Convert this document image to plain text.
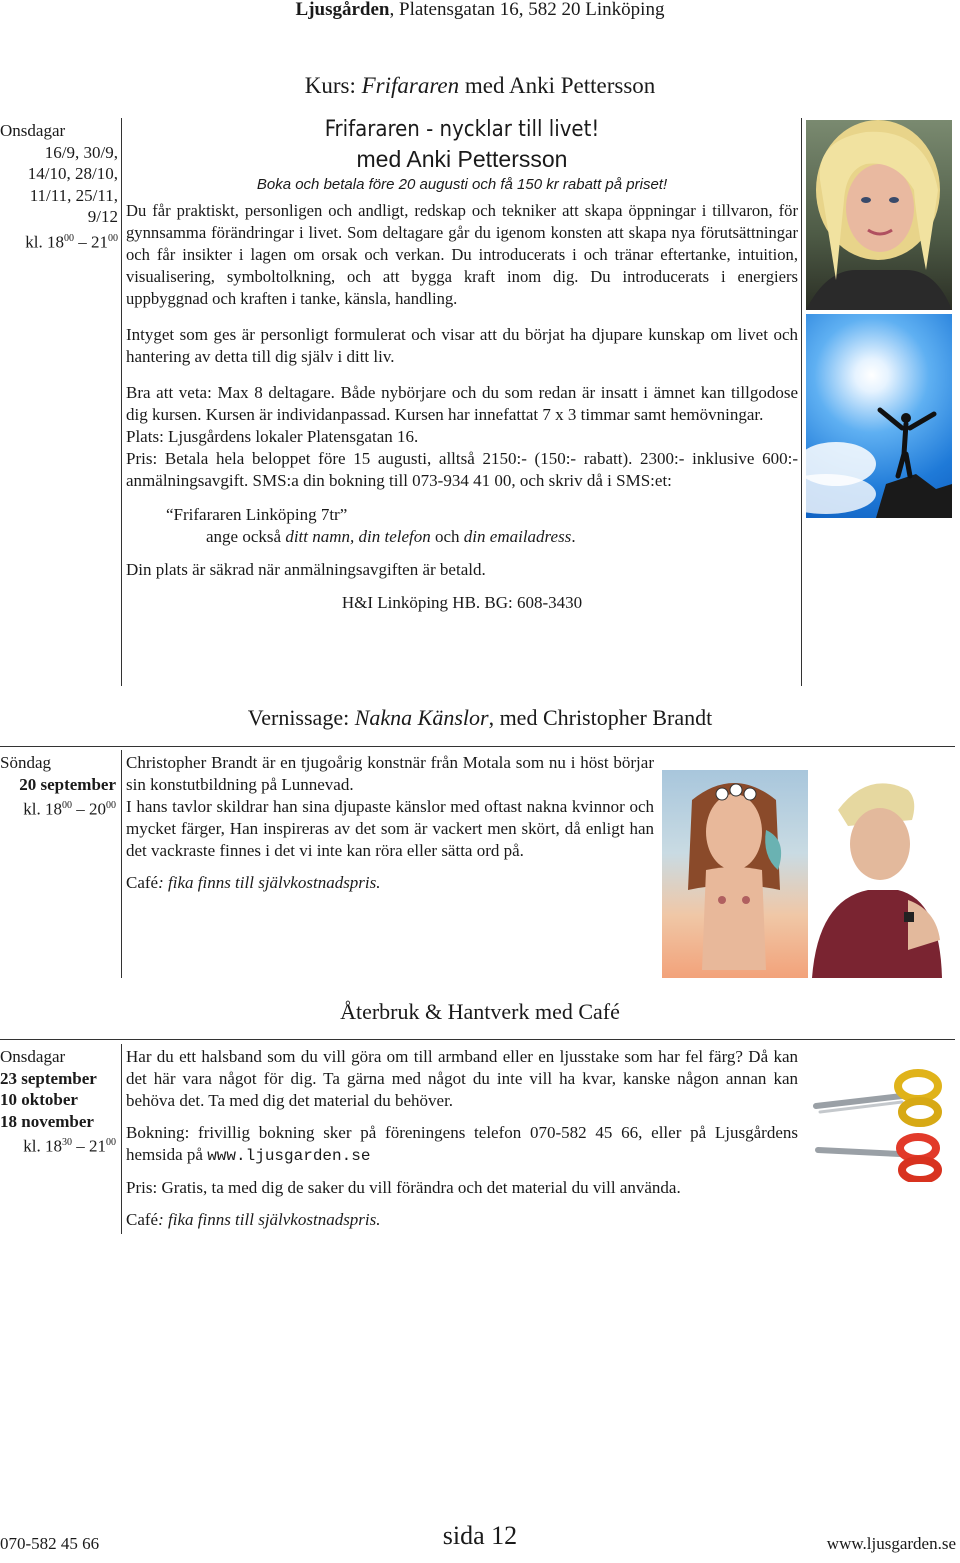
Ljusgården, Platensgatan 16, 582 20 Linköping
Kurs: Frifararen med Anki Pettersson
Onsdagar
16/9, 30/9,
14/10, 28/10,
11/11, 25/11,
9/12
kl. $18^{00} - 21^{00}$
Frifararen - nycklar till livet!
med Anki Pettersson
Boka och betala före 20 augusti och få 150 kr rabatt på priset!

Du får praktiskt, personligen och andligt, redskap och tekniker att skapa öppningar i tillvaron, för gynnsamma förändringar i livet. Som deltagare går du igenom konsten att skapa nya förutsättningar och får insikter i lagen om orsak och verkan. Du introducerats i och tränar eftertanke, intuition, visualisering, symboltolkning, och att bygga kraft inom dig. Du introducerats i energiers uppbyggnad och kraften i tanke, känsla, handling.

Intyget som ges är personligt formulerat och visar att du börjat ha djupare kunskap om livet och hantering av detta till dig själv i ditt liv.

Bra att veta: Max 8 deltagare. Både nybörjare och du som redan är insatt i ämnet kan tillgodose dig kursen. Kursen är individanpassad. Kursen har innefattat 7 x 3 timmar samt hemövningar.

Plats: Ljusgårdens lokaler Platensgatan 16.

Pris: Betala hela beloppet före 15 augusti, alltså 2150:- (150:- rabatt). 2300:- inklusive 600:- anmälningsavgift. SMS:a din bokning till 073-934 41 00, och skriv då i SMS:et:

“Frifararen Linköping 7tr”
ange också ditt namn, din telefon och din emailadress.
Din plats är säkrad när anmälningsavgiften är betald.
H&I Linköping HB. BG: 608-3430
Vernissage: Nakna Känslor, med Christopher Brandt
Söndag
20 september
kl. $18^{00} - 20^{00}$

Christopher Brandt är en tjugoårig konstnär från Motala som nu i höst börjar sin konstutbildning på Lunnevad.

I hans tavlor skildrar han sina djupaste känslor med oftast nakna kvinnor och mycket färger, Han inspireras av det som är vackert men skört, då enligt han det vackraste finnes i det vi inte kan röra eller sätta ord på.

Café: fika finns till självkostnadspris.

Återbruk & Hantverk med Café
Onsdagar
23 september
10 oktober
18 november
kl. $18^{30} - 21^{00}$

Har du ett halsband som du vill göra om till armband eller en ljusstake som har fel färg? Då kan det här vara något för dig. Ta gärna med något du inte vill ha kvar, kanske någon annan kan behöva det. Ta med dig det material du behöver.

Bokning: frivillig bokning sker på föreningens telefon 070-582 45 66, eller på Ljusgårdens hemsida på www.ljusgarden.se

Pris: Gratis, ta med dig de saker du vill förändra och det material du vill använda.

Café: fika finns till självkostnadspris.

070-582 45 66	sida 12	www.ljusgarden.se
